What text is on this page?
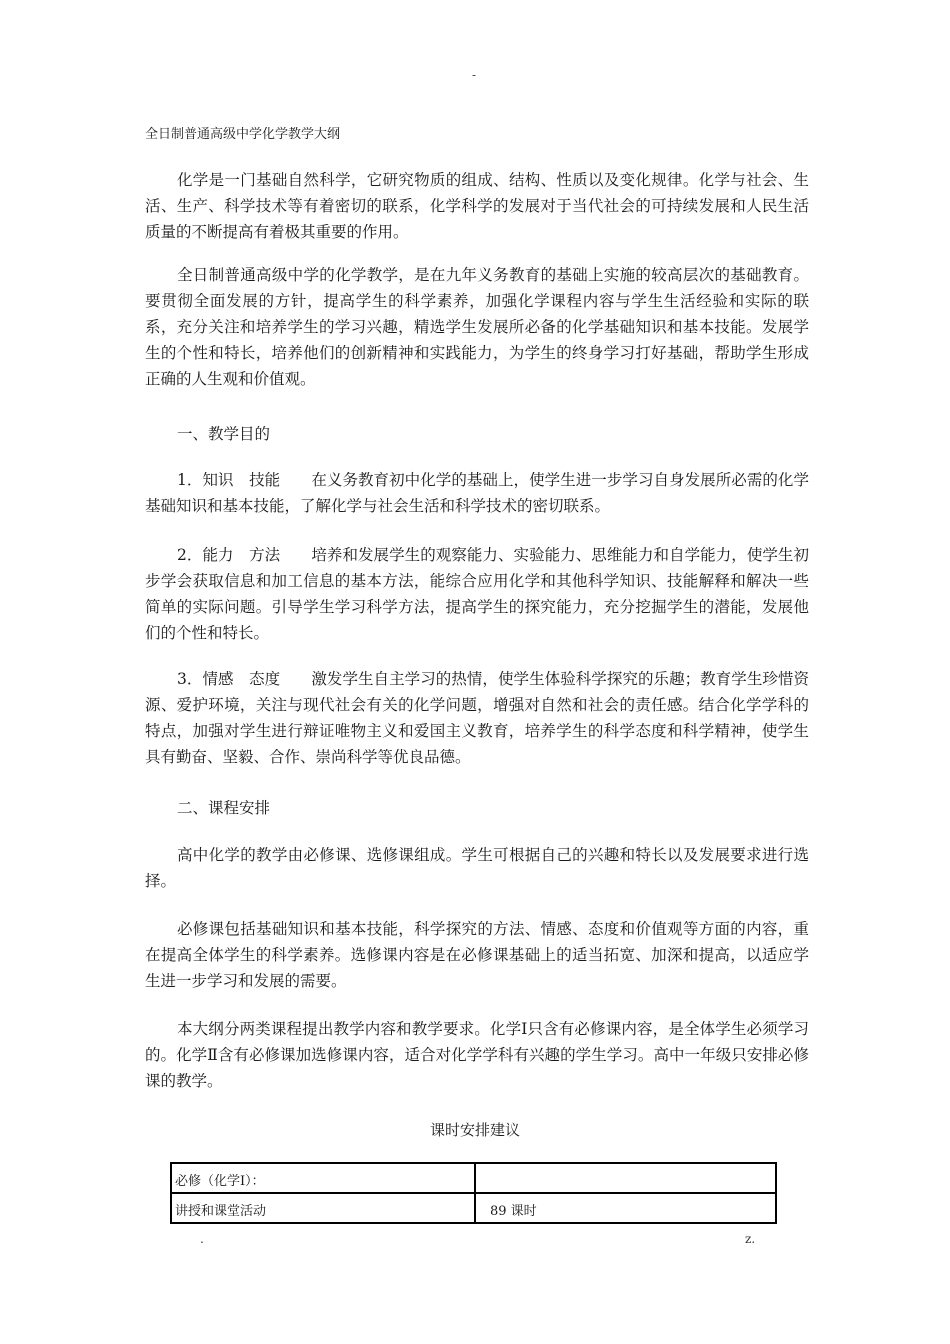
-
全日制普通高级中学化学教学大纲

化学是一门基础自然科学，它研究物质的组成、结构、性质以及变化规律。化学与社会、生活、生产、科学技术等有着密切的联系，化学科学的发展对于当代社会的可持续发展和人民生活质量的不断提高有着极其重要的作用。

全日制普通高级中学的化学教学，是在九年义务教育的基础上实施的较高层次的基础教育。要贯彻全面发展的方针，提高学生的科学素养，加强化学课程内容与学生生活经验和实际的联系，充分关注和培养学生的学习兴趣，精选学生发展所必备的化学基础知识和基本技能。发展学生的个性和特长，培养他们的创新精神和实践能力，为学生的终身学习打好基础，帮助学生形成正确的人生观和价值观。

一、教学目的

1．知识　技能　　在义务教育初中化学的基础上，使学生进一步学习自身发展所必需的化学基础知识和基本技能，了解化学与社会生活和科学技术的密切联系。

2．能力　方法　　培养和发展学生的观察能力、实验能力、思维能力和自学能力，使学生初步学会获取信息和加工信息的基本方法，能综合应用化学和其他科学知识、技能解释和解决一些简单的实际问题。引导学生学习科学方法，提高学生的探究能力，充分挖掘学生的潜能，发展他们的个性和特长。

3．情感　态度　　激发学生自主学习的热情，使学生体验科学探究的乐趣；教育学生珍惜资源、爱护环境，关注与现代社会有关的化学问题，增强对自然和社会的责任感。结合化学学科的特点，加强对学生进行辩证唯物主义和爱国主义教育，培养学生的科学态度和科学精神，使学生具有勤奋、坚毅、合作、崇尚科学等优良品德。

二、课程安排

高中化学的教学由必修课、选修课组成。学生可根据自己的兴趣和特长以及发展要求进行选择。

必修课包括基础知识和基本技能，科学探究的方法、情感、态度和价值观等方面的内容，重在提高全体学生的科学素养。选修课内容是在必修课基础上的适当拓宽、加深和提高，以适应学生进一步学习和发展的需要。

本大纲分两类课程提出教学内容和教学要求。化学Ⅰ只含有必修课内容，是全体学生必须学习的。化学Ⅱ含有必修课加选修课内容，适合对化学学科有兴趣的学生学习。高中一年级只安排必修课的教学。

课时安排建议
必修（化学Ⅰ）：	
讲授和课堂活动	89 课时
.	z.
